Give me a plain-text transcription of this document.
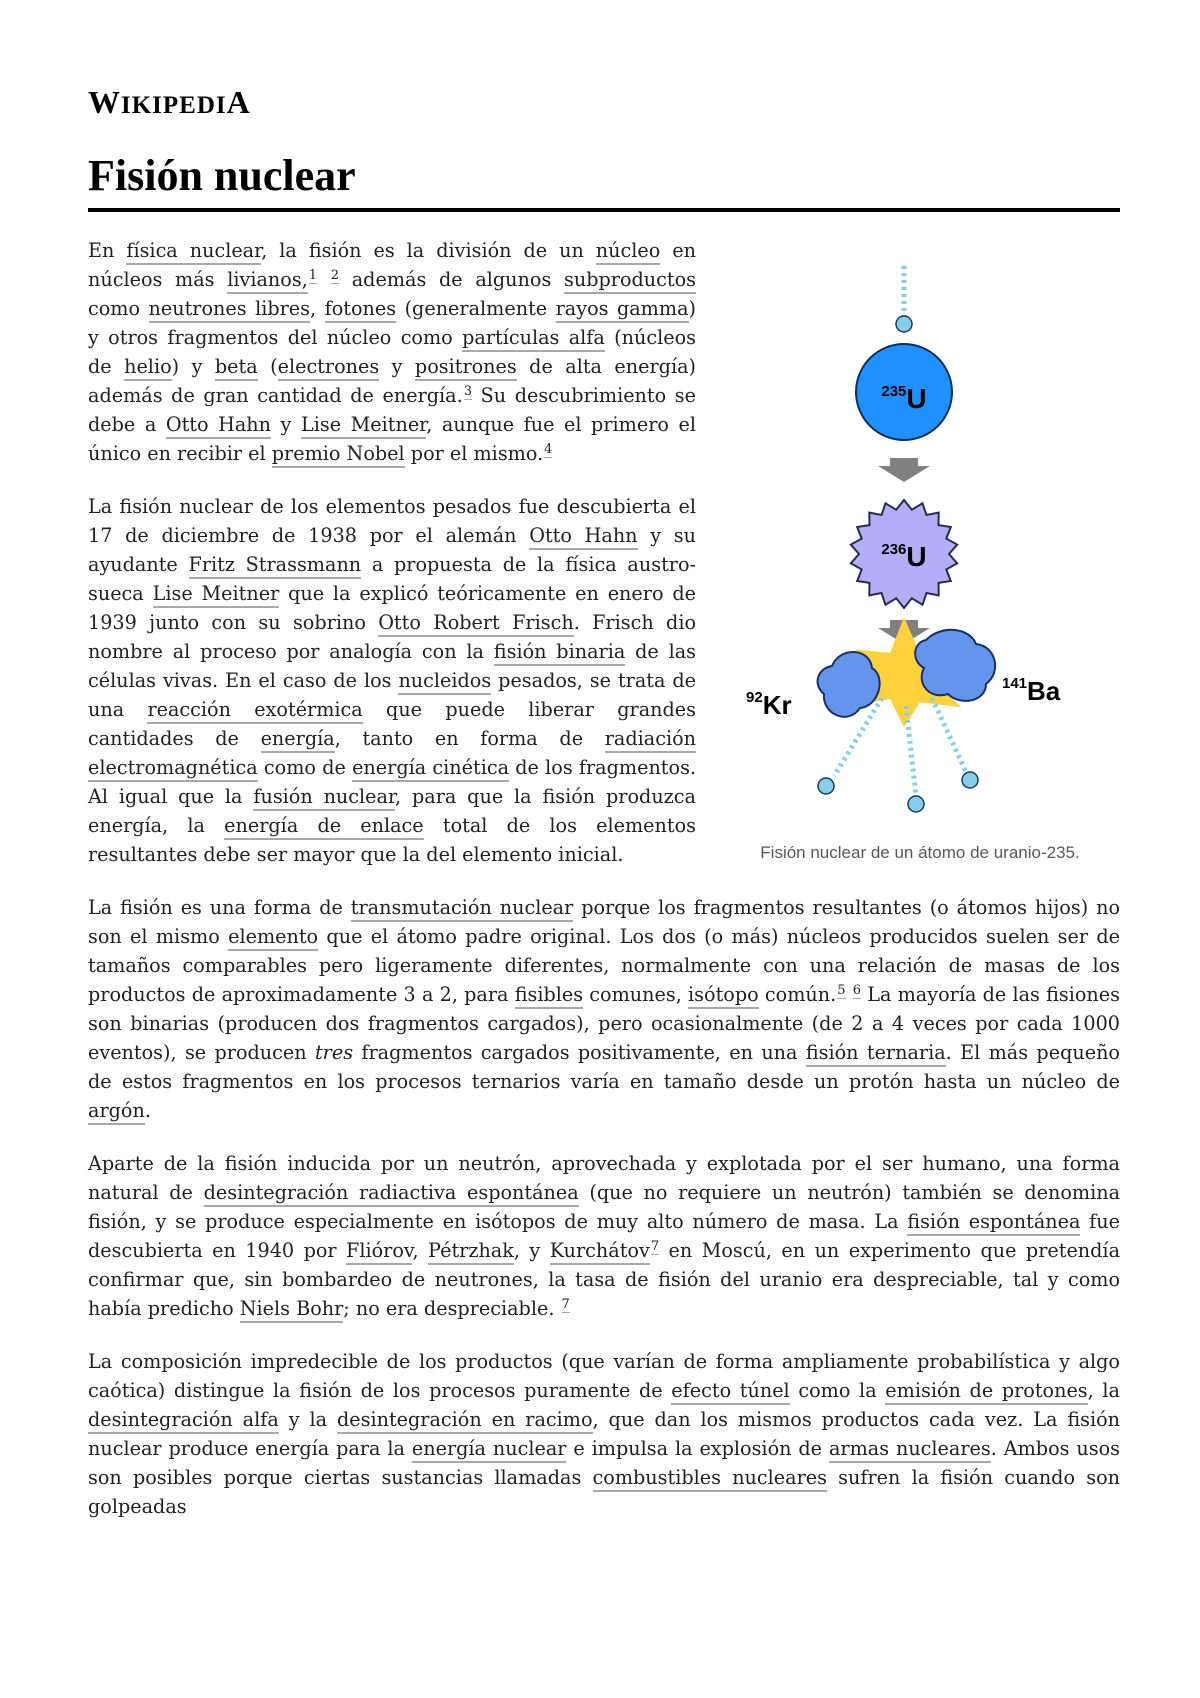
WIKIPEDIA
Fisión nuclear
$^{235}$U
$^{236}$U
$^{92}$Kr
$^{141}$Ba
Fisión nuclear de un átomo de uranio-235.

En física nuclear, la fisión es la división de un núcleo en núcleos más livianos,$^1$ $^2$ además de algunos subproductos como neutrones libres, fotones (generalmente rayos gamma) y otros fragmentos del núcleo como partículas alfa (núcleos de helio) y beta (electrones y positrones de alta energía) además de gran cantidad de energía.$^3$ Su descubrimiento se debe a Otto Hahn y Lise Meitner, aunque fue el primero el único en recibir el premio Nobel por el mismo.$^4$

La fisión nuclear de los elementos pesados fue descubierta el 17 de diciembre de 1938 por el alemán Otto Hahn y su ayudante Fritz Strassmann a propuesta de la física austro-sueca Lise Meitner que la explicó teóricamente en enero de 1939 junto con su sobrino Otto Robert Frisch. Frisch dio nombre al proceso por analogía con la fisión binaria de las células vivas. En el caso de los nucleidos pesados, se trata de una reacción exotérmica que puede liberar grandes cantidades de energía, tanto en forma de radiación electromagnética como de energía cinética de los fragmentos. Al igual que la fusión nuclear, para que la fisión produzca energía, la energía de enlace total de los elementos resultantes debe ser mayor que la del elemento inicial.

La fisión es una forma de transmutación nuclear porque los fragmentos resultantes (o átomos hijos) no son el mismo elemento que el átomo padre original. Los dos (o más) núcleos producidos suelen ser de tamaños comparables pero ligeramente diferentes, normalmente con una relación de masas de los productos de aproximadamente 3 a 2, para fisibles comunes, isótopo común.$^5$ $^6$ La mayoría de las fisiones son binarias (producen dos fragmentos cargados), pero ocasionalmente (de 2 a 4 veces por cada 1000 eventos), se producen tres fragmentos cargados positivamente, en una fisión ternaria. El más pequeño de estos fragmentos en los procesos ternarios varía en tamaño desde un protón hasta un núcleo de argón.

Aparte de la fisión inducida por un neutrón, aprovechada y explotada por el ser humano, una forma natural de desintegración radiactiva espontánea (que no requiere un neutrón) también se denomina fisión, y se produce especialmente en isótopos de muy alto número de masa. La fisión espontánea fue descubierta en 1940 por Fliórov, Pétrzhak, y Kurchátov$^7$ en Moscú, en un experimento que pretendía confirmar que, sin bombardeo de neutrones, la tasa de fisión del uranio era despreciable, tal y como había predicho Niels Bohr; no era despreciable. $^7$

La composición impredecible de los productos (que varían de forma ampliamente probabilística y algo caótica) distingue la fisión de los procesos puramente de efecto túnel como la emisión de protones, la desintegración alfa y la desintegración en racimo, que dan los mismos productos cada vez. La fisión nuclear produce energía para la energía nuclear e impulsa la explosión de armas nucleares. Ambos usos son posibles porque ciertas sustancias llamadas combustibles nucleares sufren la fisión cuando son golpeadas
